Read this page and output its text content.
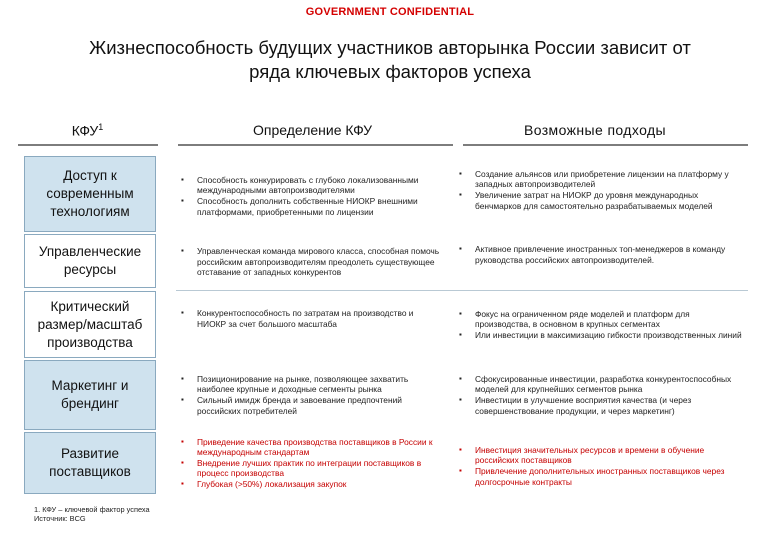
GOVERNMENT CONFIDENTIAL
Жизнеспособность будущих участников авторынка России зависит от
ряда ключевых факторов успеха
КФУ$^1$	Определение КФУ	Возможные подходы
Доступ к
современным
технологиям
▪ Способность конкурировать с глубоко локализованными международными автопроизводителями
▪ Способность дополнить собственные НИОКР внешними платформами, приобретенными по лицензии
▪ Создание альянсов или приобретение лицензии на платформу у западных автопроизводителей
▪ Увеличение затрат на НИОКР до уровня международных бенчмарков для самостоятельно разрабатываемых моделей
Управленческие
ресурсы
▪ Управленческая команда мирового класса, способная помочь российским автопроизводителям преодолеть существующее отставание от западных конкурентов
▪ Активное привлечение иностранных топ-менеджеров в команду руководства российских автопроизводителей.
Критический
размер/масштаб
производства
▪ Конкурентоспособность по затратам на производство и НИОКР за счет большого масштаба
▪ Фокус на ограниченном ряде моделей и платформ для производства, в основном в крупных сегментах
▪ Или инвестиции в максимизацию гибкости производственных линий
Маркетинг и
брендинг
▪ Позиционирование на рынке, позволяющее захватить наиболее крупные и доходные сегменты рынка
▪ Сильный имидж бренда и завоевание предпочтений российских потребителей
▪ Сфокусированные инвестиции, разработка конкурентоспособных моделей для крупнейших сегментов рынка
▪ Инвестиции в улучшение восприятия качества (и через совершенствование продукции, и через маркетинг)
Развитие
поставщиков
▪ Приведение качества производства поставщиков в России к международным стандартам
▪ Внедрение лучших практик по интеграции поставщиков в процесс производства
▪ Глубокая (>50%) локализация закупок
▪ Инвестиция значительных ресурсов и времени в обучение российских поставщиков
▪ Привлечение дополнительных иностранных поставщиков через долгосрочные контракты
1. КФУ – ключевой фактор успеха
Источник: BCG
